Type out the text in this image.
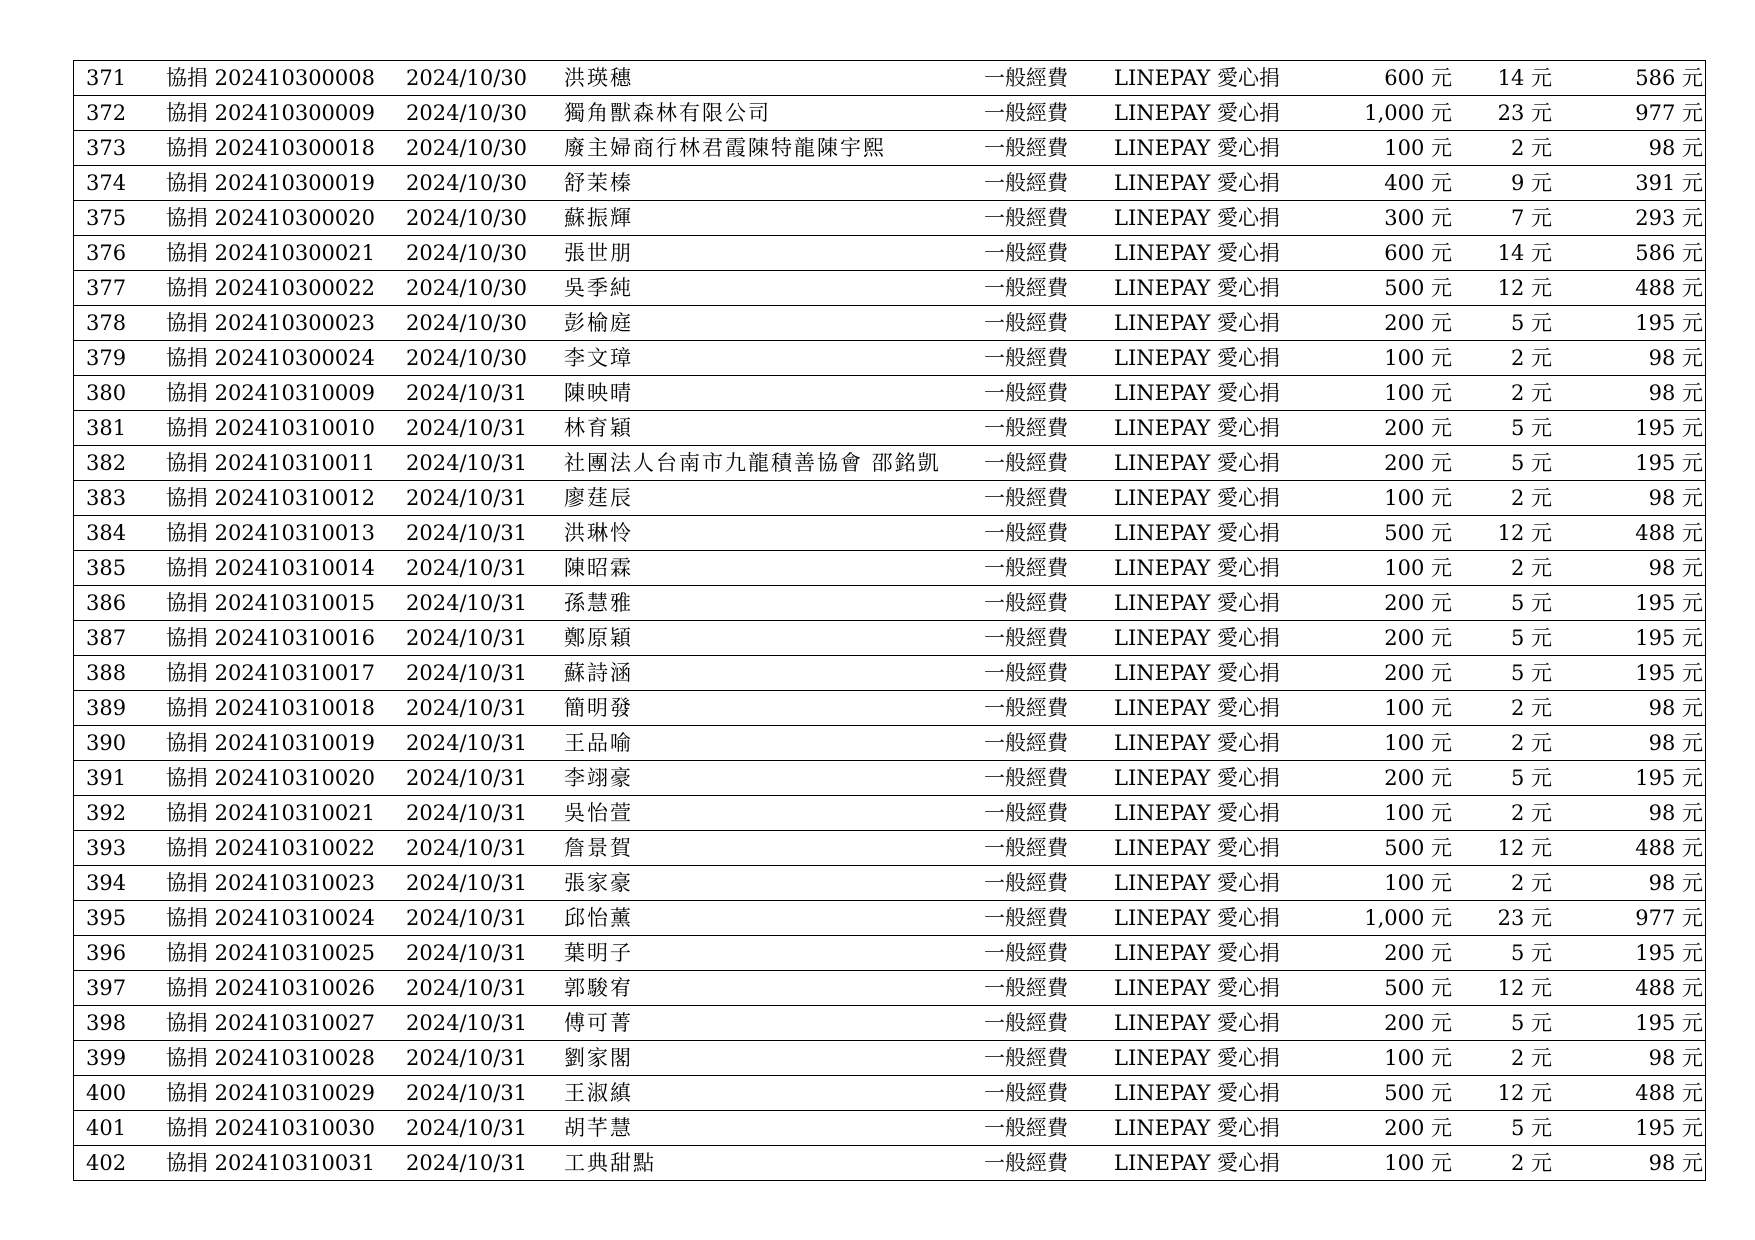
371	協捐 202410300008	2024/10/30	洪瑛穗	一般經費	LINEPAY 愛心捐	600 元	14 元	586 元
372	協捐 202410300009	2024/10/30	獨角獸森林有限公司	一般經費	LINEPAY 愛心捐	1,000 元	23 元	977 元
373	協捐 202410300018	2024/10/30	廢主婦商行林君霞陳特龍陳宇熙	一般經費	LINEPAY 愛心捐	100 元	2 元	98 元
374	協捐 202410300019	2024/10/30	舒茉榛	一般經費	LINEPAY 愛心捐	400 元	9 元	391 元
375	協捐 202410300020	2024/10/30	蘇振輝	一般經費	LINEPAY 愛心捐	300 元	7 元	293 元
376	協捐 202410300021	2024/10/30	張世朋	一般經費	LINEPAY 愛心捐	600 元	14 元	586 元
377	協捐 202410300022	2024/10/30	吳季純	一般經費	LINEPAY 愛心捐	500 元	12 元	488 元
378	協捐 202410300023	2024/10/30	彭榆庭	一般經費	LINEPAY 愛心捐	200 元	5 元	195 元
379	協捐 202410300024	2024/10/30	李文璋	一般經費	LINEPAY 愛心捐	100 元	2 元	98 元
380	協捐 202410310009	2024/10/31	陳映晴	一般經費	LINEPAY 愛心捐	100 元	2 元	98 元
381	協捐 202410310010	2024/10/31	林育穎	一般經費	LINEPAY 愛心捐	200 元	5 元	195 元
382	協捐 202410310011	2024/10/31	社團法人台南市九龍積善協會 邵銘凱	一般經費	LINEPAY 愛心捐	200 元	5 元	195 元
383	協捐 202410310012	2024/10/31	廖莛辰	一般經費	LINEPAY 愛心捐	100 元	2 元	98 元
384	協捐 202410310013	2024/10/31	洪琳怜	一般經費	LINEPAY 愛心捐	500 元	12 元	488 元
385	協捐 202410310014	2024/10/31	陳昭霖	一般經費	LINEPAY 愛心捐	100 元	2 元	98 元
386	協捐 202410310015	2024/10/31	孫慧雅	一般經費	LINEPAY 愛心捐	200 元	5 元	195 元
387	協捐 202410310016	2024/10/31	鄭原穎	一般經費	LINEPAY 愛心捐	200 元	5 元	195 元
388	協捐 202410310017	2024/10/31	蘇詩涵	一般經費	LINEPAY 愛心捐	200 元	5 元	195 元
389	協捐 202410310018	2024/10/31	簡明發	一般經費	LINEPAY 愛心捐	100 元	2 元	98 元
390	協捐 202410310019	2024/10/31	王品喻	一般經費	LINEPAY 愛心捐	100 元	2 元	98 元
391	協捐 202410310020	2024/10/31	李翊豪	一般經費	LINEPAY 愛心捐	200 元	5 元	195 元
392	協捐 202410310021	2024/10/31	吳怡萱	一般經費	LINEPAY 愛心捐	100 元	2 元	98 元
393	協捐 202410310022	2024/10/31	詹景賀	一般經費	LINEPAY 愛心捐	500 元	12 元	488 元
394	協捐 202410310023	2024/10/31	張家豪	一般經費	LINEPAY 愛心捐	100 元	2 元	98 元
395	協捐 202410310024	2024/10/31	邱怡薰	一般經費	LINEPAY 愛心捐	1,000 元	23 元	977 元
396	協捐 202410310025	2024/10/31	葉明子	一般經費	LINEPAY 愛心捐	200 元	5 元	195 元
397	協捐 202410310026	2024/10/31	郭駿宥	一般經費	LINEPAY 愛心捐	500 元	12 元	488 元
398	協捐 202410310027	2024/10/31	傅可菁	一般經費	LINEPAY 愛心捐	200 元	5 元	195 元
399	協捐 202410310028	2024/10/31	劉家閣	一般經費	LINEPAY 愛心捐	100 元	2 元	98 元
400	協捐 202410310029	2024/10/31	王淑縝	一般經費	LINEPAY 愛心捐	500 元	12 元	488 元
401	協捐 202410310030	2024/10/31	胡芊慧	一般經費	LINEPAY 愛心捐	200 元	5 元	195 元
402	協捐 202410310031	2024/10/31	工典甜點	一般經費	LINEPAY 愛心捐	100 元	2 元	98 元
